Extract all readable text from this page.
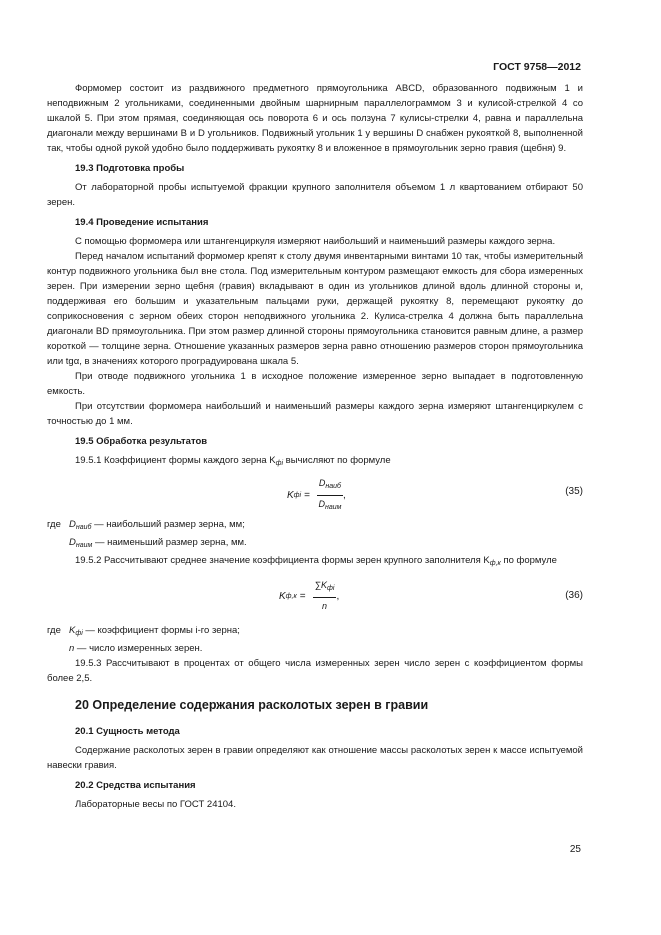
ГОСТ 9758—2012

Формомер состоит из раздвижного предметного прямоугольника ABCD, образованного подвижным 1 и неподвижным 2 угольниками, соединенными двойным шарнирным параллелограммом 3 и кулисой-стрелкой 4 со шкалой 5. При этом прямая, соединяющая ось поворота 6 и ось ползуна 7 кулисы-стрелки 4, равна и параллельна диагонали между вершинами B и D угольников. Подвижный угольник 1 у вершины D снабжен рукояткой 8, выполненной так, чтобы одной рукой удобно было поддерживать рукоятку 8 и вложенное в прямоугольник зерно гравия (щебня) 9.

19.3 Подготовка пробы

От лабораторной пробы испытуемой фракции крупного заполнителя объемом 1 л квартованием отбирают 50 зерен.

19.4 Проведение испытания

С помощью формомера или штангенциркуля измеряют наибольший и наименьший размеры каждого зерна.

Перед началом испытаний формомер крепят к столу двумя инвентарными винтами 10 так, чтобы измерительный контур подвижного угольника был вне стола. Под измерительным контуром размещают емкость для сбора измеренных зерен. При измерении зерно щебня (гравия) вкладывают в один из угольников длиной вдоль длинной стороны и, поддерживая его большим и указательным пальцами руки, держащей рукоятку 8, перемещают рукоятку до соприкосновения с зерном обеих сторон неподвижного угольника 2. Кулиса-стрелка 4 должна быть параллельна диагонали BD прямоугольника. При этом размер длинной стороны прямоугольника становится равным длине, а размер короткой — толщине зерна. Отношение указанных размеров зерна равно отношению размеров сторон прямоугольника или tgα, в значениях которого проградуирована шкала 5.

При отводе подвижного угольника 1 в исходное положение измеренное зерно выпадает в подготовленную емкость.

При отсутствии формомера наибольший и наименьший размеры каждого зерна измеряют штангенциркулем с точностью до 1 мм.

19.5 Обработка результатов

19.5.1 Коэффициент формы каждого зерна $K_{фi}$ вычисляют по формуле

K фi = $\frac{D_{наиб}}{D_{наим}}$ ,	(35)
где $D_{наиб}$ — наибольший размер зерна, мм;
$D_{наим}$ — наименьший размер зерна, мм.

19.5.2 Рассчитывают среднее значение коэффициента формы зерен крупного заполнителя $K_{ф,к}$ по формуле

K $ф,к = \frac{\sum K_{фi}}{n}$ ,	(36)
где $K_{фi}$ — коэффициент формы i-го зерна;
n — число измеренных зерен.

19.5.3 Рассчитывают в процентах от общего числа измеренных зерен число зерен с коэффициентом формы более 2,5.

20 Определение содержания расколотых зерен в гравии
20.1 Сущность метода

Содержание расколотых зерен в гравии определяют как отношение массы расколотых зерен к массе испытуемой навески гравия.

20.2 Средства испытания

Лабораторные весы по ГОСТ 24104.

25
